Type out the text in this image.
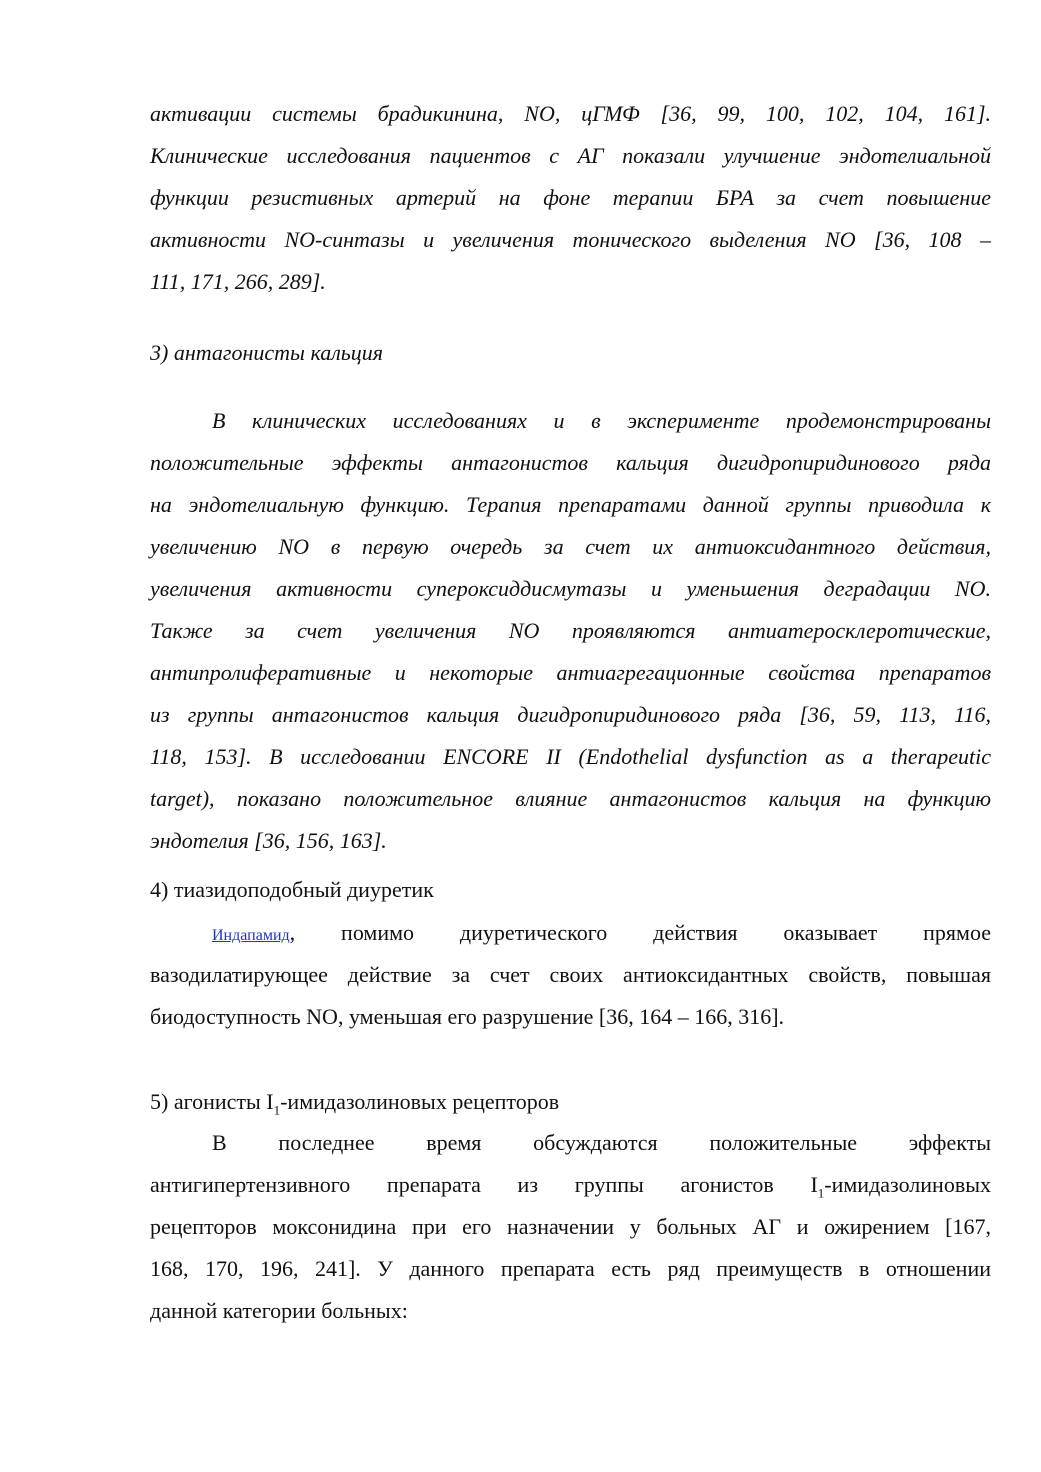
активации системы брадикинина, NO, цГМФ [36, 99, 100, 102, 104, 161].
Клинические исследования пациентов с АГ показали улучшение эндотелиальной
функции резистивных артерий на фоне терапии БРА за счет повышение
активности NO-синтазы и увеличения тонического выделения NO [36, 108 –
111, 171, 266, 289].
3) антагонисты кальция
В клинических исследованиях и в эксперименте продемонстрированы
положительные эффекты антагонистов кальция дигидропиридинового ряда
на эндотелиальную функцию. Терапия препаратами данной группы приводила к
увеличению NO в первую очередь за счет их антиоксидантного действия,
увеличения активности супероксиддисмутазы и уменьшения деградации NO.
Также за счет увеличения NO проявляются антиатеросклеротические,
антипролиферативные и некоторые антиагрегационные свойства препаратов
из группы антагонистов кальция дигидропиридинового ряда [36, 59, 113, 116,
118, 153]. В исследовании ENCORE II (Endothelial dysfunction as a therapeutic
target), показано положительное влияние антагонистов кальция на функцию
эндотелия [36, 156, 163].
4) тиазидоподобный диуретик
Индапамид, помимо диуретического действия оказывает прямое
вазодилатирующее действие за счет своих антиоксидантных свойств, повышая
биодоступность NO, уменьшая его разрушение [36, 164 – 166, 316].
5) агонисты $I_1$-имидазолиновых рецепторов
В последнее время обсуждаются положительные эффекты
антигипертензивного препарата из группы агонистов $I_1$-имидазолиновых
рецепторов моксонидина при его назначении у больных АГ и ожирением [167,
168, 170, 196, 241]. У данного препарата есть ряд преимуществ в отношении
данной категории больных:
